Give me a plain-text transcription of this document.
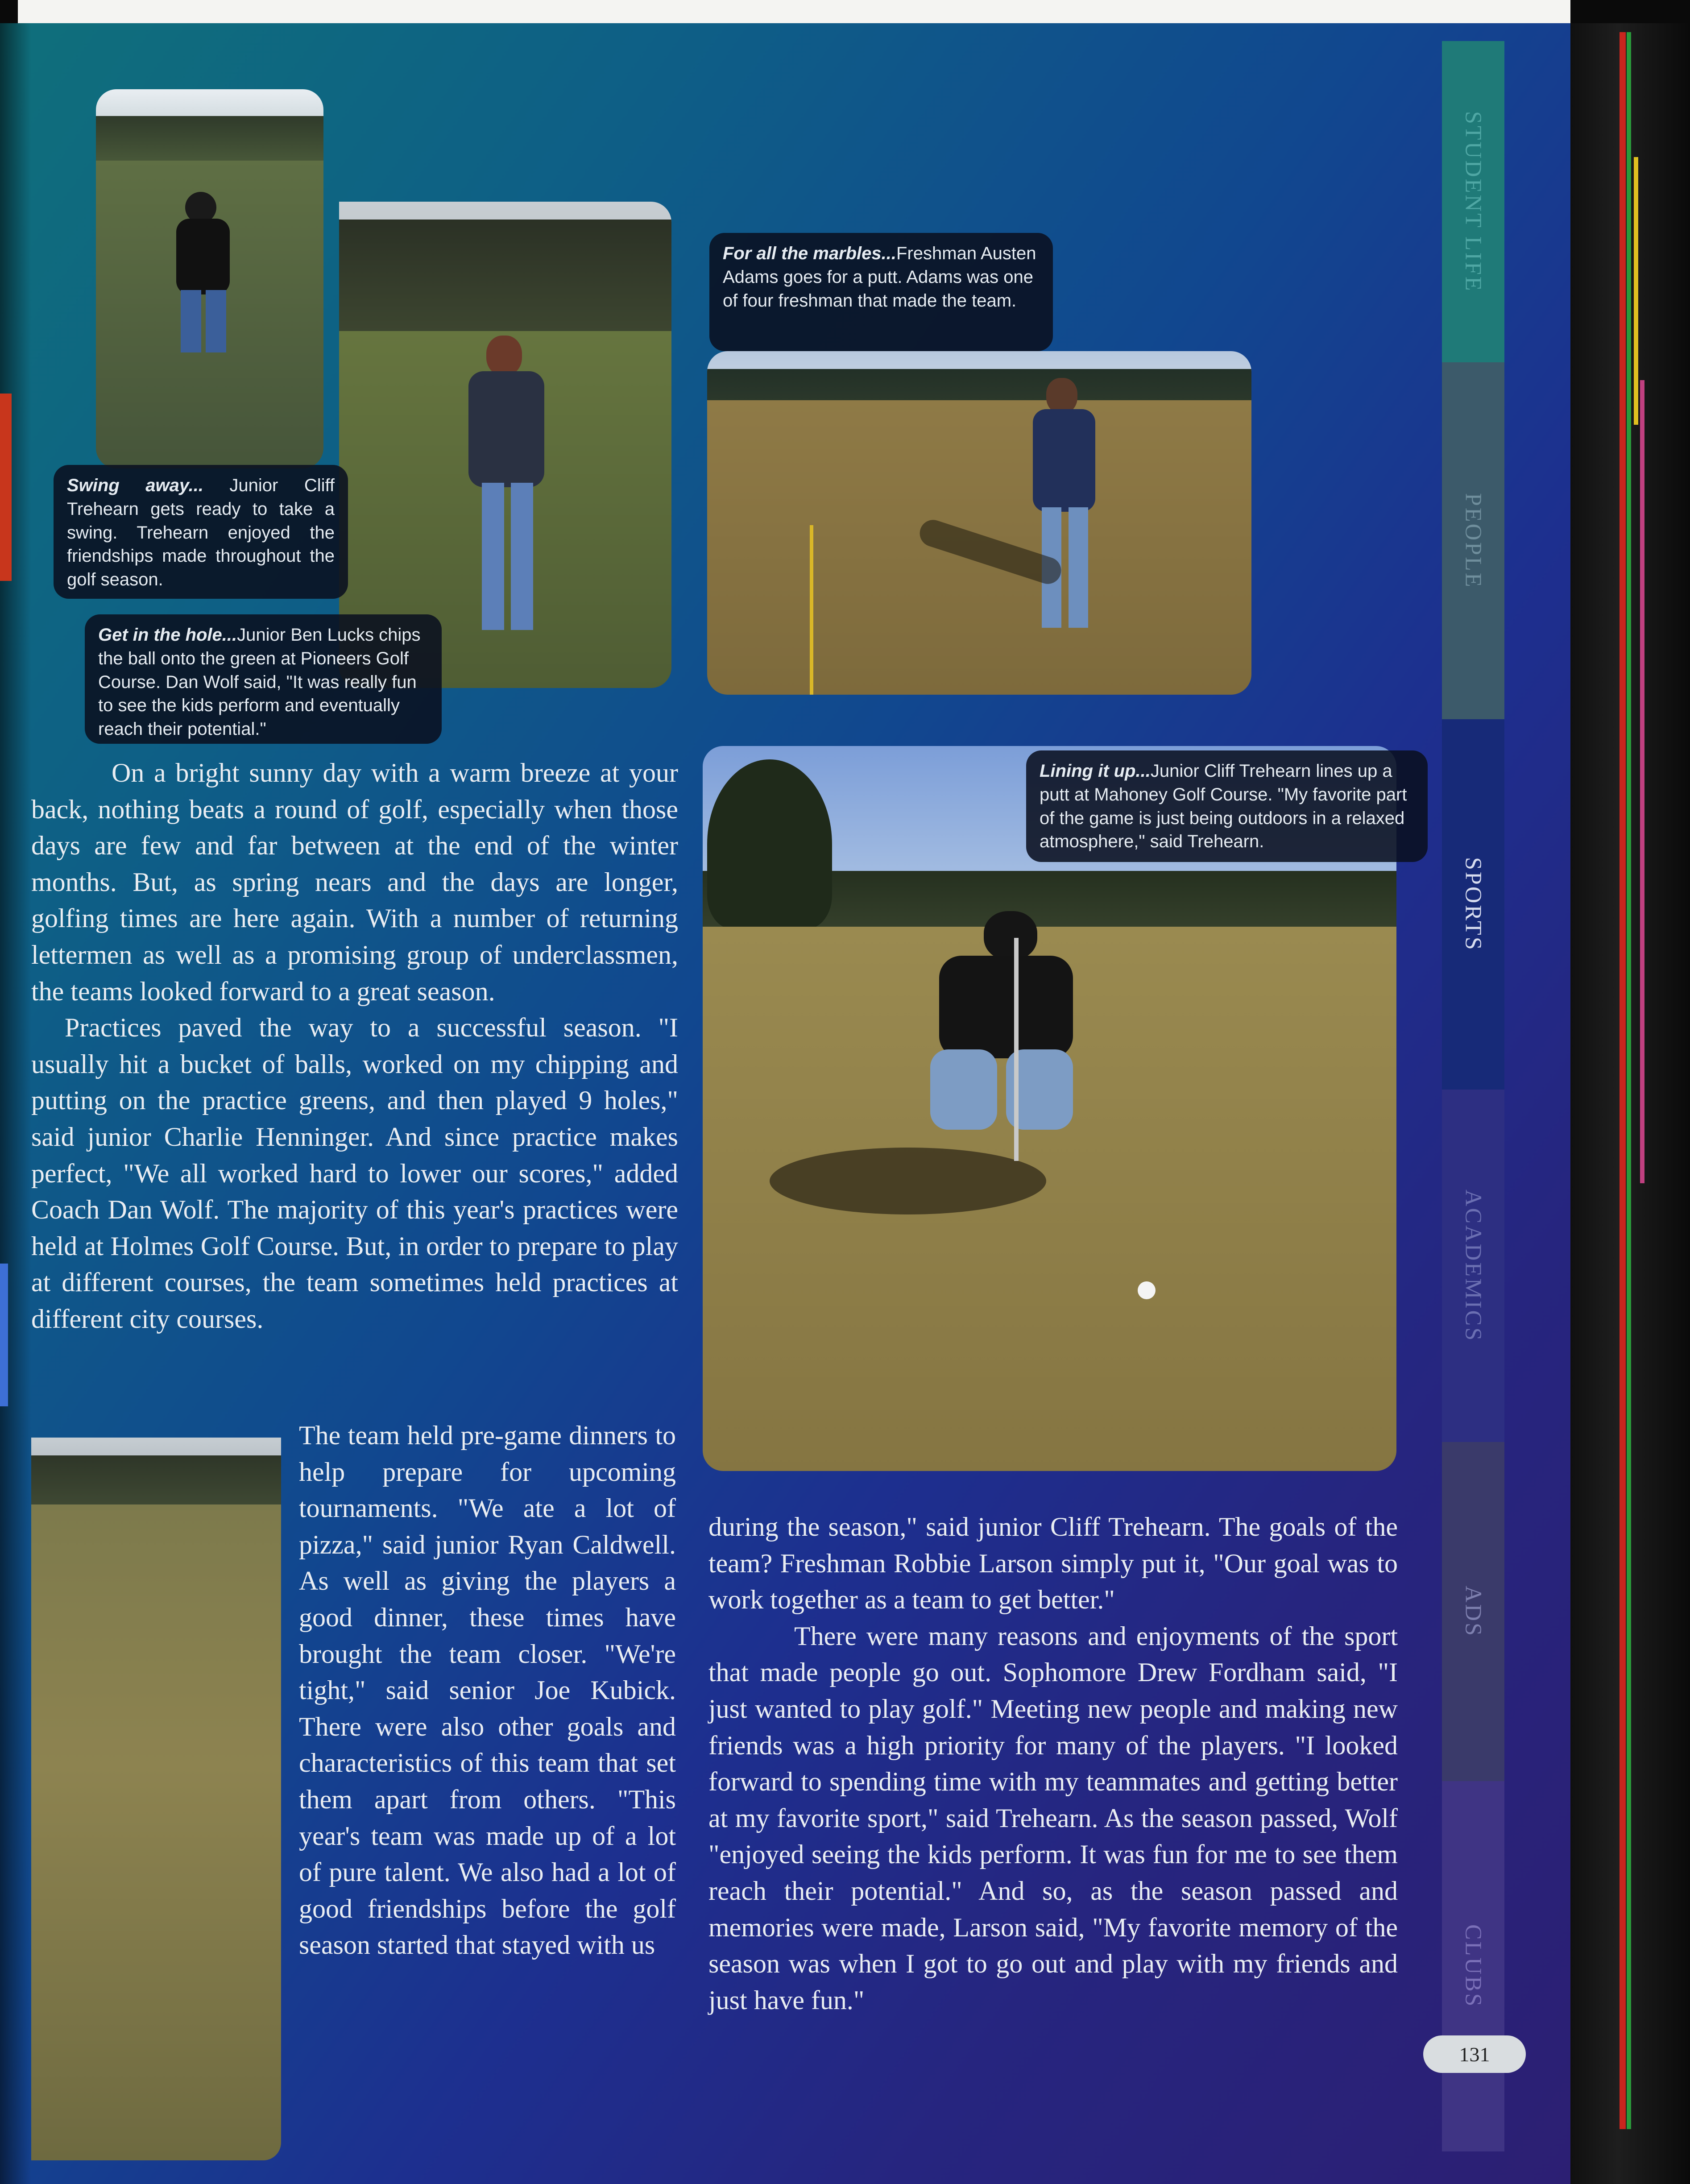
Swing away... Junior Cliff Trehearn gets ready to take a swing. Trehearn enjoyed the friendships made throughout the golf season.
Get in the hole...Junior Ben Lucks chips the ball onto the green at Pioneers Golf Course. Dan Wolf said, "It was really fun to see the kids perform and eventually reach their potential."
For all the marbles...Freshman Austen Adams goes for a putt. Adams was one of four freshman that made the team.
Lining it up...Junior Cliff Trehearn lines up a putt at Mahoney Golf Course. "My favorite part of the game is just being outdoors in a relaxed atmosphere," said Trehearn.

On a bright sunny day with a warm breeze at your back, nothing beats a round of golf, especially when those days are few and far between at the end of the winter months. But, as spring nears and the days are longer, golfing times are here again. With a number of returning lettermen as well as a promising group of underclassmen, the teams looked forward to a great season.

Practices paved the way to a successful season. "I usually hit a bucket of balls, worked on my chipping and putting on the practice greens, and then played 9 holes," said junior Charlie Henninger. And since practice makes perfect, "We all worked hard to lower our scores," added Coach Dan Wolf. The majority of this year's practices were held at Holmes Golf Course. But, in order to prepare to play at different courses, the team sometimes held practices at different city courses.

The team held pre-game dinners to help prepare for upcoming tournaments. "We ate a lot of pizza," said junior Ryan Caldwell. As well as giving the players a good dinner, these times have brought the team closer. "We're tight," said senior Joe Kubick. There were also other goals and characteristics of this team that set them apart from others. "This year's team was made up of a lot of pure talent. We also had a lot of good friendships before the golf season started that stayed with us

during the season," said junior Cliff Trehearn. The goals of the team? Freshman Robbie Larson simply put it, "Our goal was to work together as a team to get better."

There were many reasons and enjoyments of the sport that made people go out. Sophomore Drew Fordham said, "I just wanted to play golf." Meeting new people and making new friends was a high priority for many of the players. "I looked forward to spending time with my teammates and getting better at my favorite sport," said Trehearn. As the season passed, Wolf "enjoyed seeing the kids perform. It was fun for me to see them reach their potential." And so, as the season passed and memories were made, Larson said, "My favorite memory of the season was when I got to go out and play with my friends and just have fun."

STUDENT LIFE
PEOPLE
SPORTS
ACADEMICS
ADS
CLUBS
131
